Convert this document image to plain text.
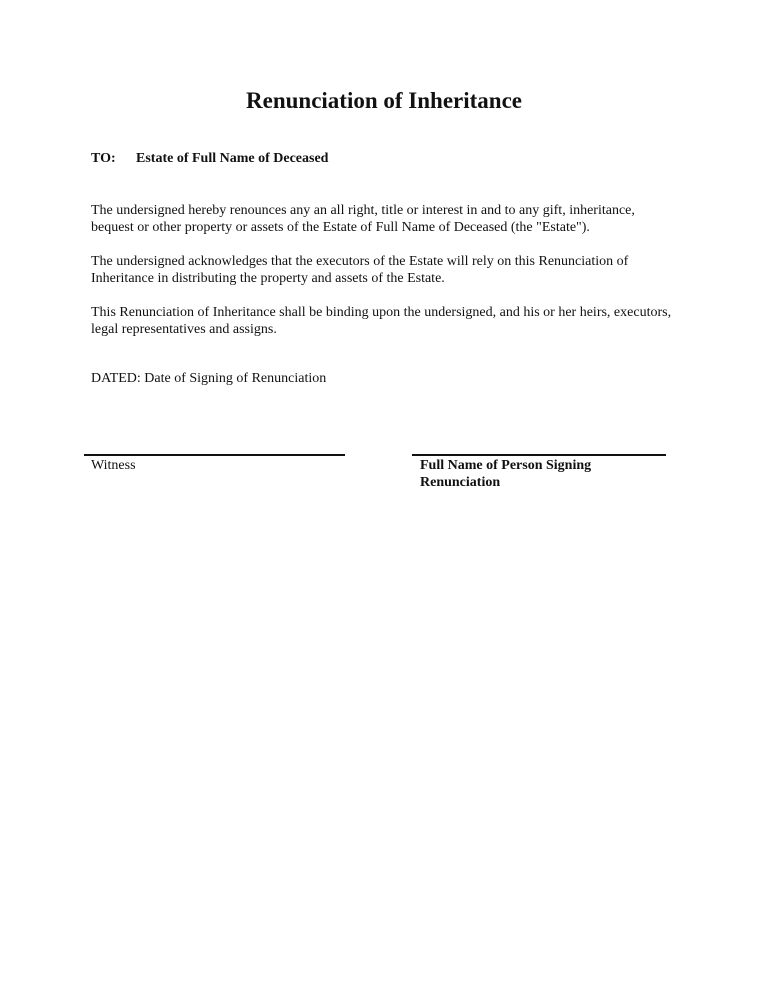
Renunciation of Inheritance
TO: Estate of Full Name of Deceased

The undersigned hereby renounces any an all right, title or interest in and to any gift, inheritance, bequest or other property or assets of the Estate of Full Name of Deceased (the "Estate").

The undersigned acknowledges that the executors of the Estate will rely on this Renunciation of Inheritance in distributing the property and assets of the Estate.

This Renunciation of Inheritance shall be binding upon the undersigned, and his or her heirs, executors, legal representatives and assigns.

DATED: Date of Signing of Renunciation
Witness	Full Name of Person Signing Renunciation
